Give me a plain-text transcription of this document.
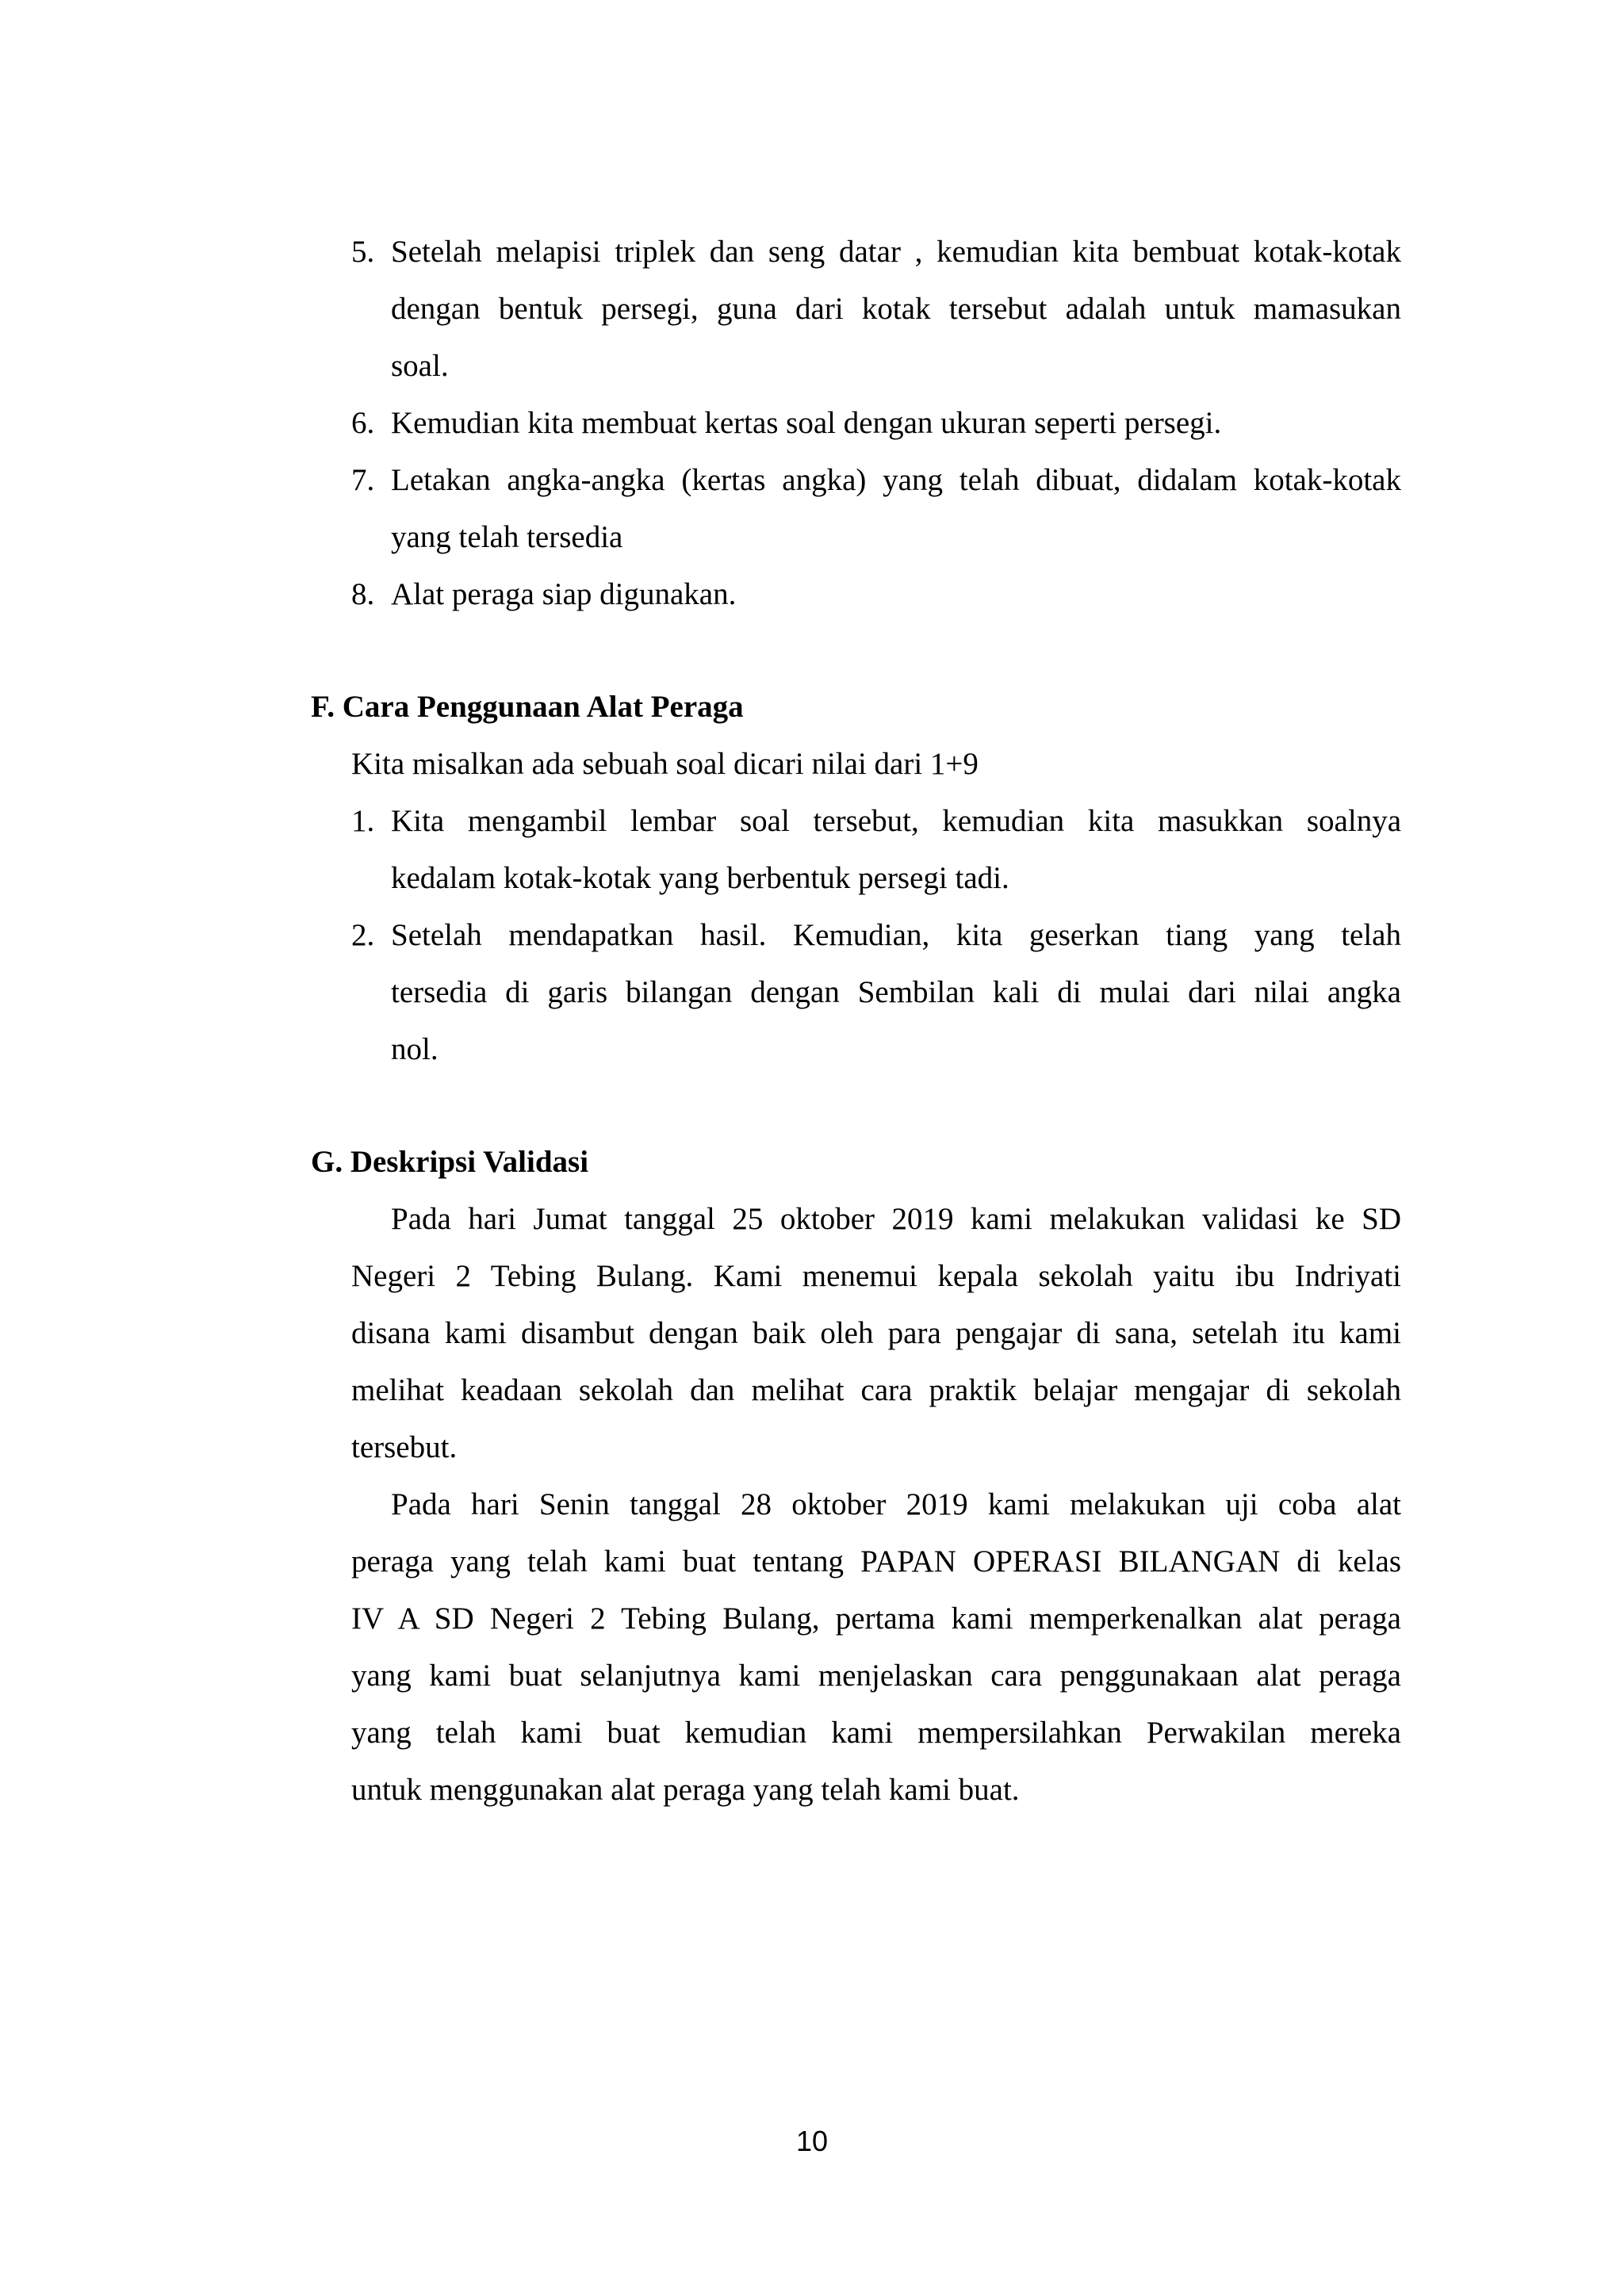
5. Setelah melapisi triplek dan seng datar , kemudian kita bembuat kotak-kotak
dengan bentuk persegi, guna dari kotak tersebut adalah untuk mamasukan
soal.
6. Kemudian kita membuat kertas soal dengan ukuran seperti persegi.
7. Letakan angka-angka (kertas angka) yang telah dibuat, didalam kotak-kotak
yang telah tersedia
8. Alat peraga siap digunakan.
F. Cara Penggunaan Alat Peraga
Kita misalkan ada sebuah soal dicari nilai dari 1+9
1. Kita mengambil lembar soal tersebut, kemudian kita masukkan soalnya
kedalam kotak-kotak yang berbentuk persegi tadi.
2. Setelah mendapatkan hasil. Kemudian, kita geserkan tiang yang telah
tersedia di garis bilangan dengan Sembilan kali di mulai dari nilai angka
nol.
G. Deskripsi Validasi
Pada hari Jumat tanggal 25 oktober 2019 kami melakukan validasi ke SD
Negeri 2 Tebing Bulang. Kami menemui kepala sekolah yaitu ibu Indriyati
disana kami disambut dengan baik oleh para pengajar di sana, setelah itu kami
melihat keadaan sekolah dan melihat cara praktik belajar mengajar di sekolah
tersebut.
Pada hari Senin tanggal 28 oktober 2019 kami melakukan uji coba alat
peraga yang telah kami buat tentang PAPAN OPERASI BILANGAN di kelas
IV A SD Negeri 2 Tebing Bulang, pertama kami memperkenalkan alat peraga
yang kami buat selanjutnya kami menjelaskan cara penggunakaan alat peraga
yang telah kami buat kemudian kami mempersilahkan Perwakilan mereka
untuk menggunakan alat peraga yang telah kami buat.
10
